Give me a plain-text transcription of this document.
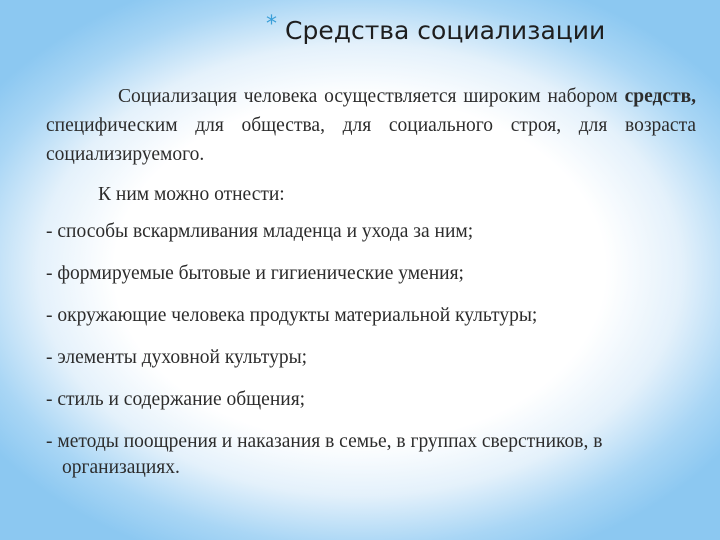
* Средства социализации

Социализация человека осуществляется широким набором средств, специфическим для общества, для социального строя, для возраста социализируемого.

К ним можно отнести:
- способы вскармливания младенца и ухода за ним;
- формируемые бытовые и гигиенические умения;
- окружающие человека продукты материальной культуры;
- элементы духовной культуры;
- стиль и содержание общения;
- методы поощрения и наказания в семье, в группах сверстников, в организациях.
